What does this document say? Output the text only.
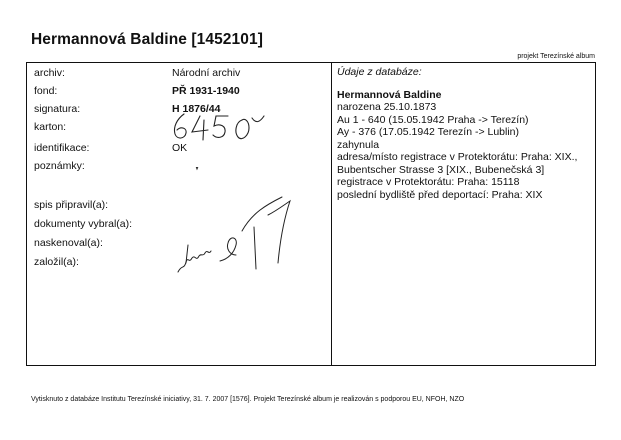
Hermannová Baldine [1452101]
projekt Terezínské album
archiv:
fond:
signatura:
karton:
identifikace:
poznámky:
spis připravil(a):
dokumenty vybral(a):
naskenoval(a):
založil(a):
Národní archiv
PŘ 1931-1940
H 1876/44
OK
Údaje z databáze:
Hermannová Baldine
narozena 25.10.1873
Au 1 - 640 (15.05.1942 Praha -> Terezín)
Ay - 376 (17.05.1942 Terezín -> Lublin)
zahynula
adresa/místo registrace v Protektorátu: Praha: XIX., Bubentscher Strasse 3 [XIX., Bubenečská 3]
registrace v Protektorátu: Praha: 15118
poslední bydliště před deportací: Praha: XIX
Vytisknuto z databáze Institutu Terezínské iniciativy, 31. 7. 2007 [1576]. Projekt Terezínské album je realizován s podporou EU, NFOH, NZO
